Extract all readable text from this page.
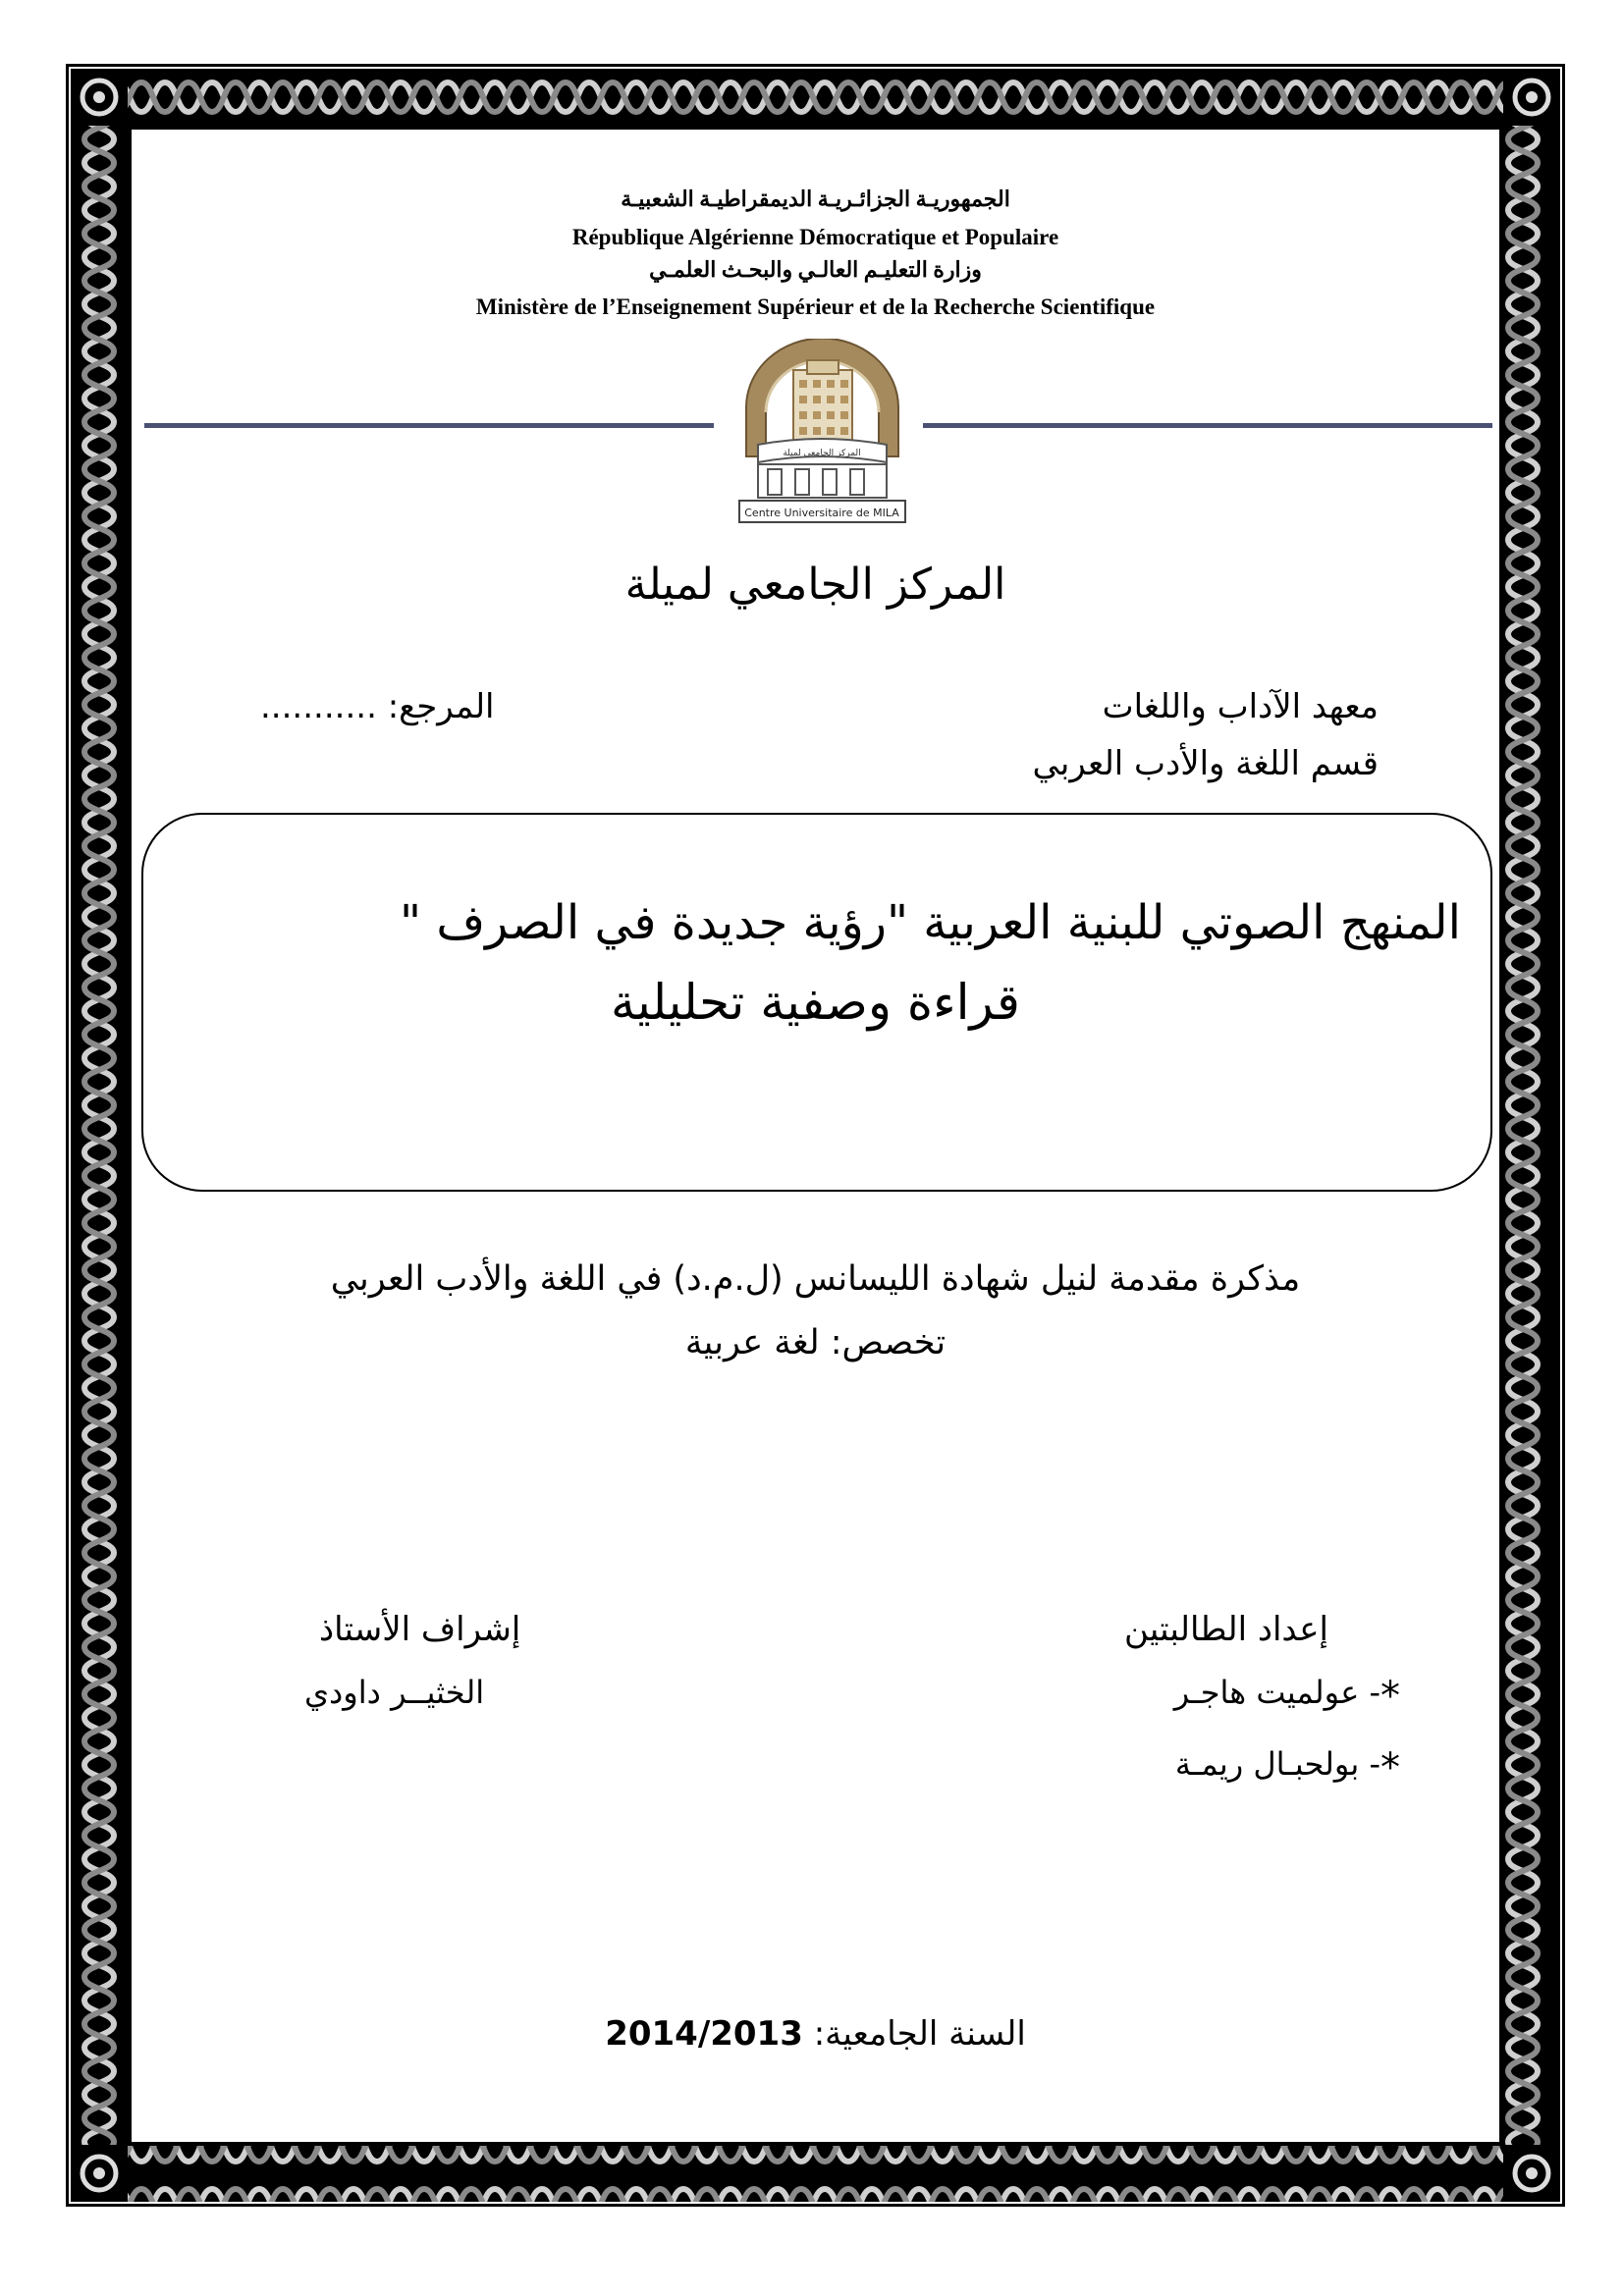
الجمهوريـة الجزائـريـة الديمقراطيـة الشعبيـة
République Algérienne Démocratique et Populaire
وزارة التعليـم العالـي والبحـث العلمـي
Ministère de l’Enseignement Supérieur et de la Recherche Scientifique
المركز الجامعي لميلة
Centre Universitaire de MILA
المركز الجامعي لميلة
معهد الآداب واللغات
قسم اللغة والأدب العربي
........... المرجع:
المنهج الصوتي للبنية العربية "رؤية جديدة في الصرف "
قراءة وصفية تحليلية
مذكرة مقدمة لنيل شهادة الليسانس (ل.م.د) في اللغة والأدب العربي
تخصص: لغة عربية
إعداد الطالبتين
*- عولميت هاجـر
*- بولحبـال ريمـة
إشراف الأستاذ
الخثيــر داودي
السنة الجامعية: 2014/2013
